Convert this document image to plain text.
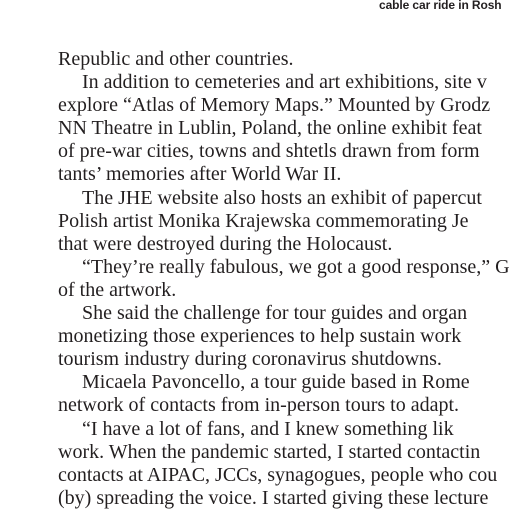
cable car ride in Rosh
Republic and other countries.
In addition to cemeteries and art exhibitions, site v
explore “Atlas of Memory Maps.” Mounted by Grodz
NN Theatre in Lublin, Poland, the online exhibit feat
of pre-war cities, towns and shtetls drawn from form
tants’ memories after World War II.
The JHE website also hosts an exhibit of papercut
Polish artist Monika Krajewska commemorating Je
that were destroyed during the Holocaust.
“They’re really fabulous, we got a good response,” G
of the artwork.
She said the challenge for tour guides and organ
monetizing those experiences to help sustain work
tourism industry during coronavirus shutdowns.
Micaela Pavoncello, a tour guide based in Rome
network of contacts from in-person tours to adapt.
“I have a lot of fans, and I knew something lik
work. When the pandemic started, I started contactin
contacts at AIPAC, JCCs, synagogues, people who cou
(by) spreading the voice. I started giving these lecture
